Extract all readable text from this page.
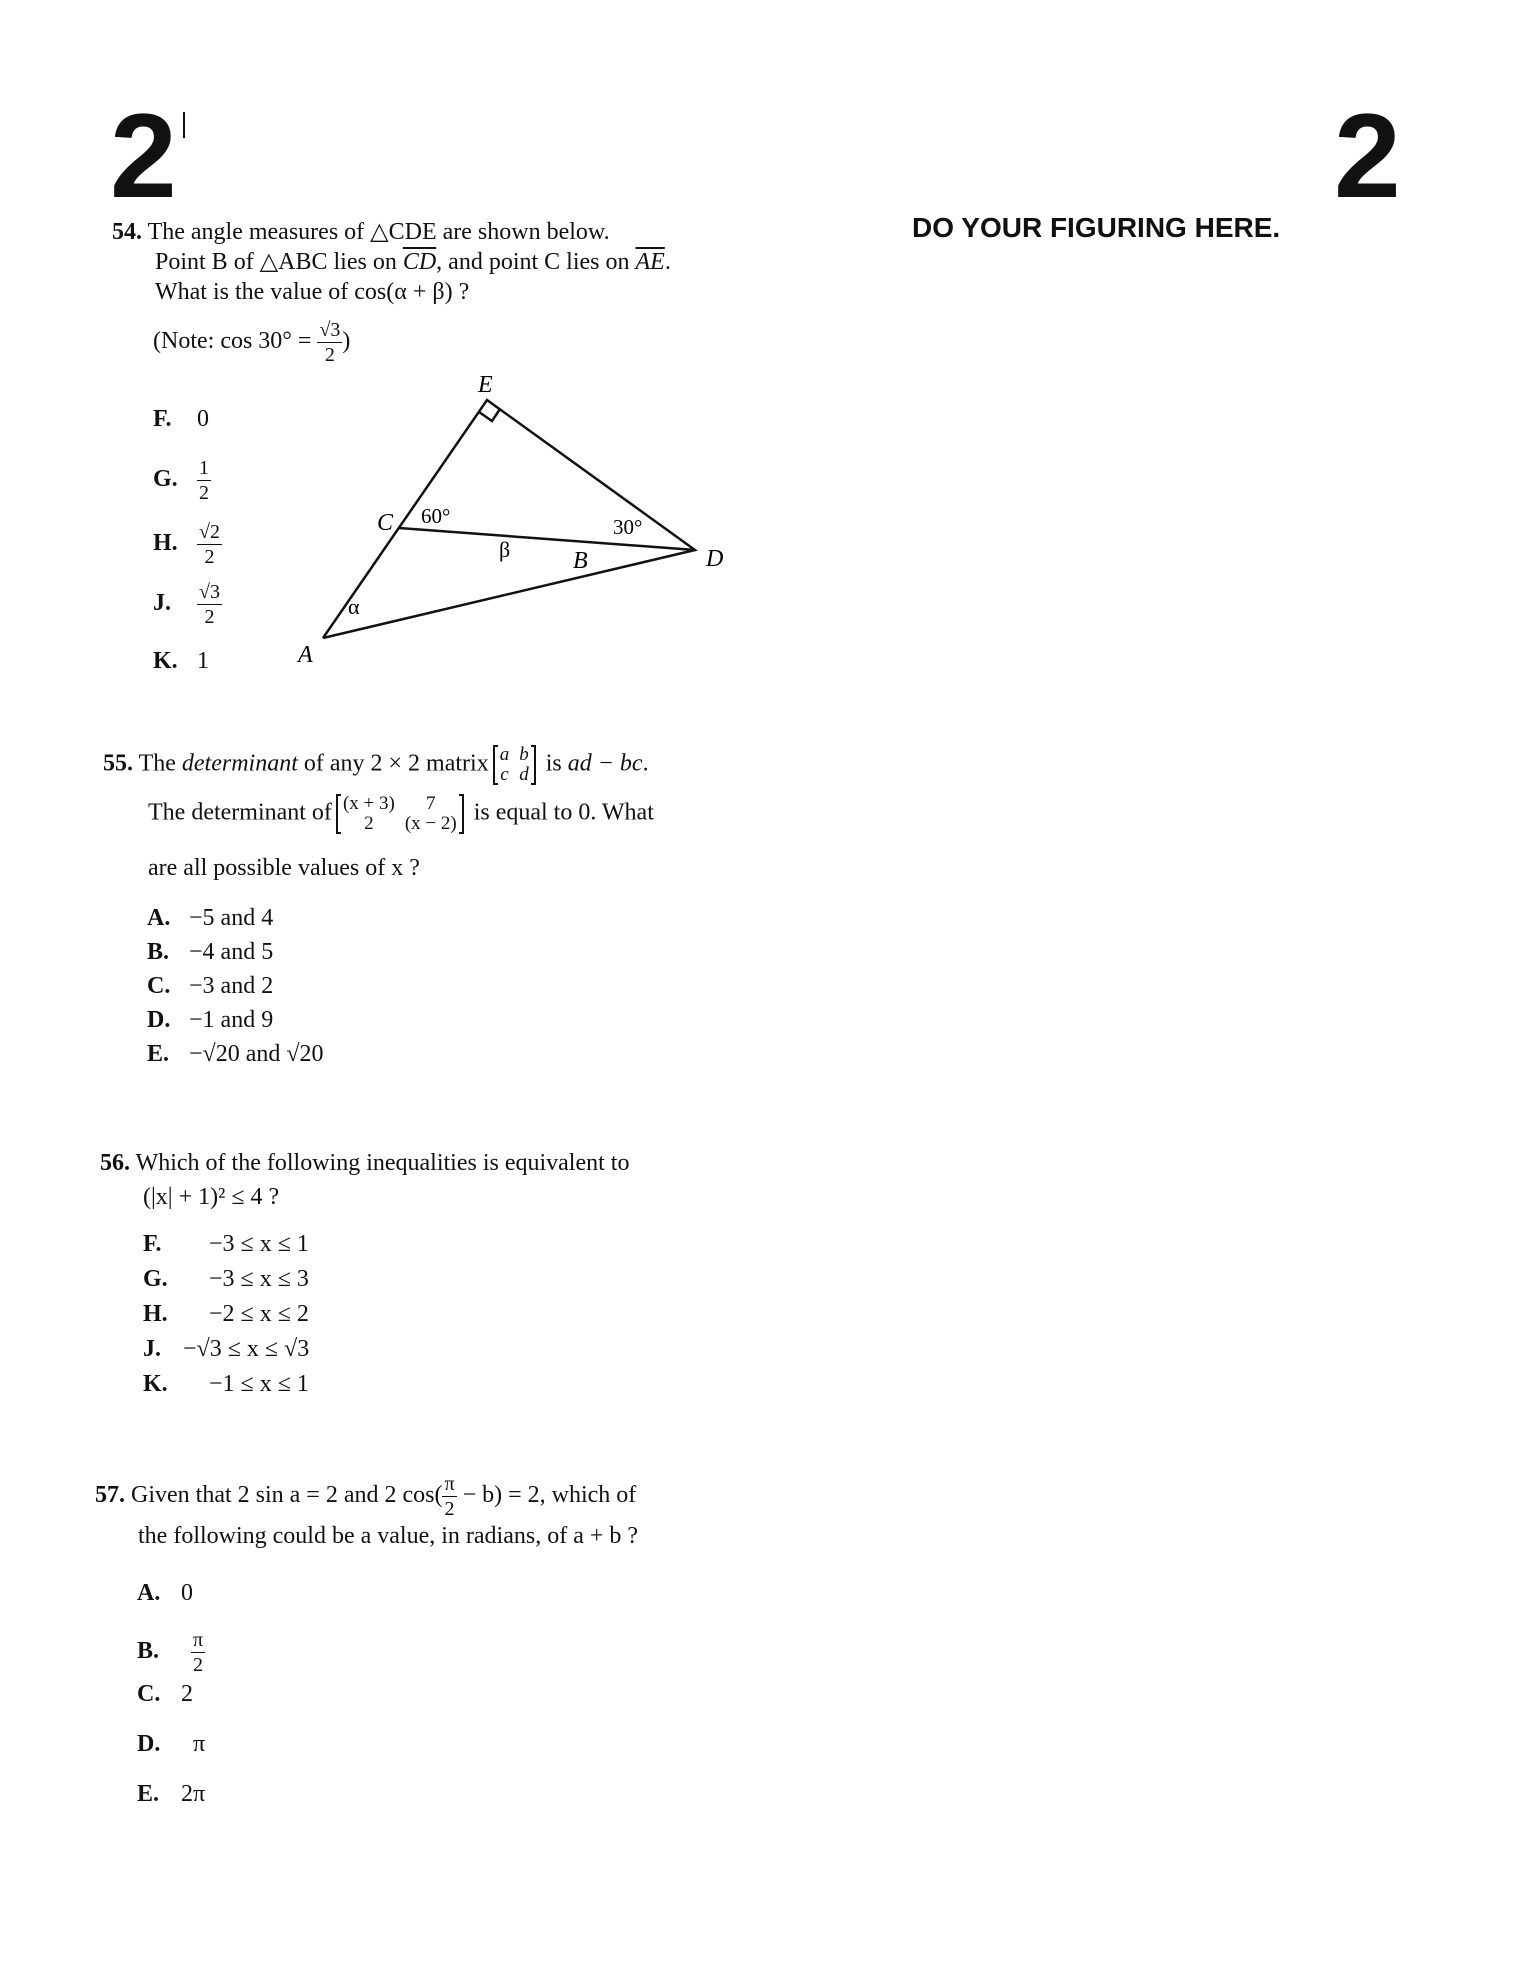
2	2
DO YOUR FIGURING HERE.
54. The angle measures of △CDE are shown below.
Point B of △ABC lies on $\overline{CD}$, and point C lies on $\overline{AE}$.
What is the value of cos(α + β) ?
(Note: $\cos 30^\circ = \frac{√3}{2}$ )
F. 0
G. $\frac{1}{2}$
H. $\frac{√2}{2}$
J. $\frac{√3}{2}$
K. 1
E
C
A
B	D
60°	30°
α
β
55. The determinant of any 2 × 2 matrix a b
c d is ad − bc.
The determinant of (x + 3)	7
2	(x − 2) is equal to 0. What
are all possible values of x ?
A. −5 and 4
B. −4 and 5
C. −3 and 2
D. −1 and 9
E. −√20 and √20
56. Which of the following inequalities is equivalent to
(|x| + 1)² ≤ 4 ?
F. −3 ≤ x ≤ 1
G. −3 ≤ x ≤ 3
H. −2 ≤ x ≤ 2
J. −√3 ≤ x ≤ √3
K. −1 ≤ x ≤ 1
57. Given that 2 sin a = 2 and 2 $\cos( \frac{\pi}{2} - b) = 2$, which of
the following could be a value, in radians, of a + b ?
A. 0
B. $\frac{\pi}{2}$
C. 2
D. π
E. 2π
